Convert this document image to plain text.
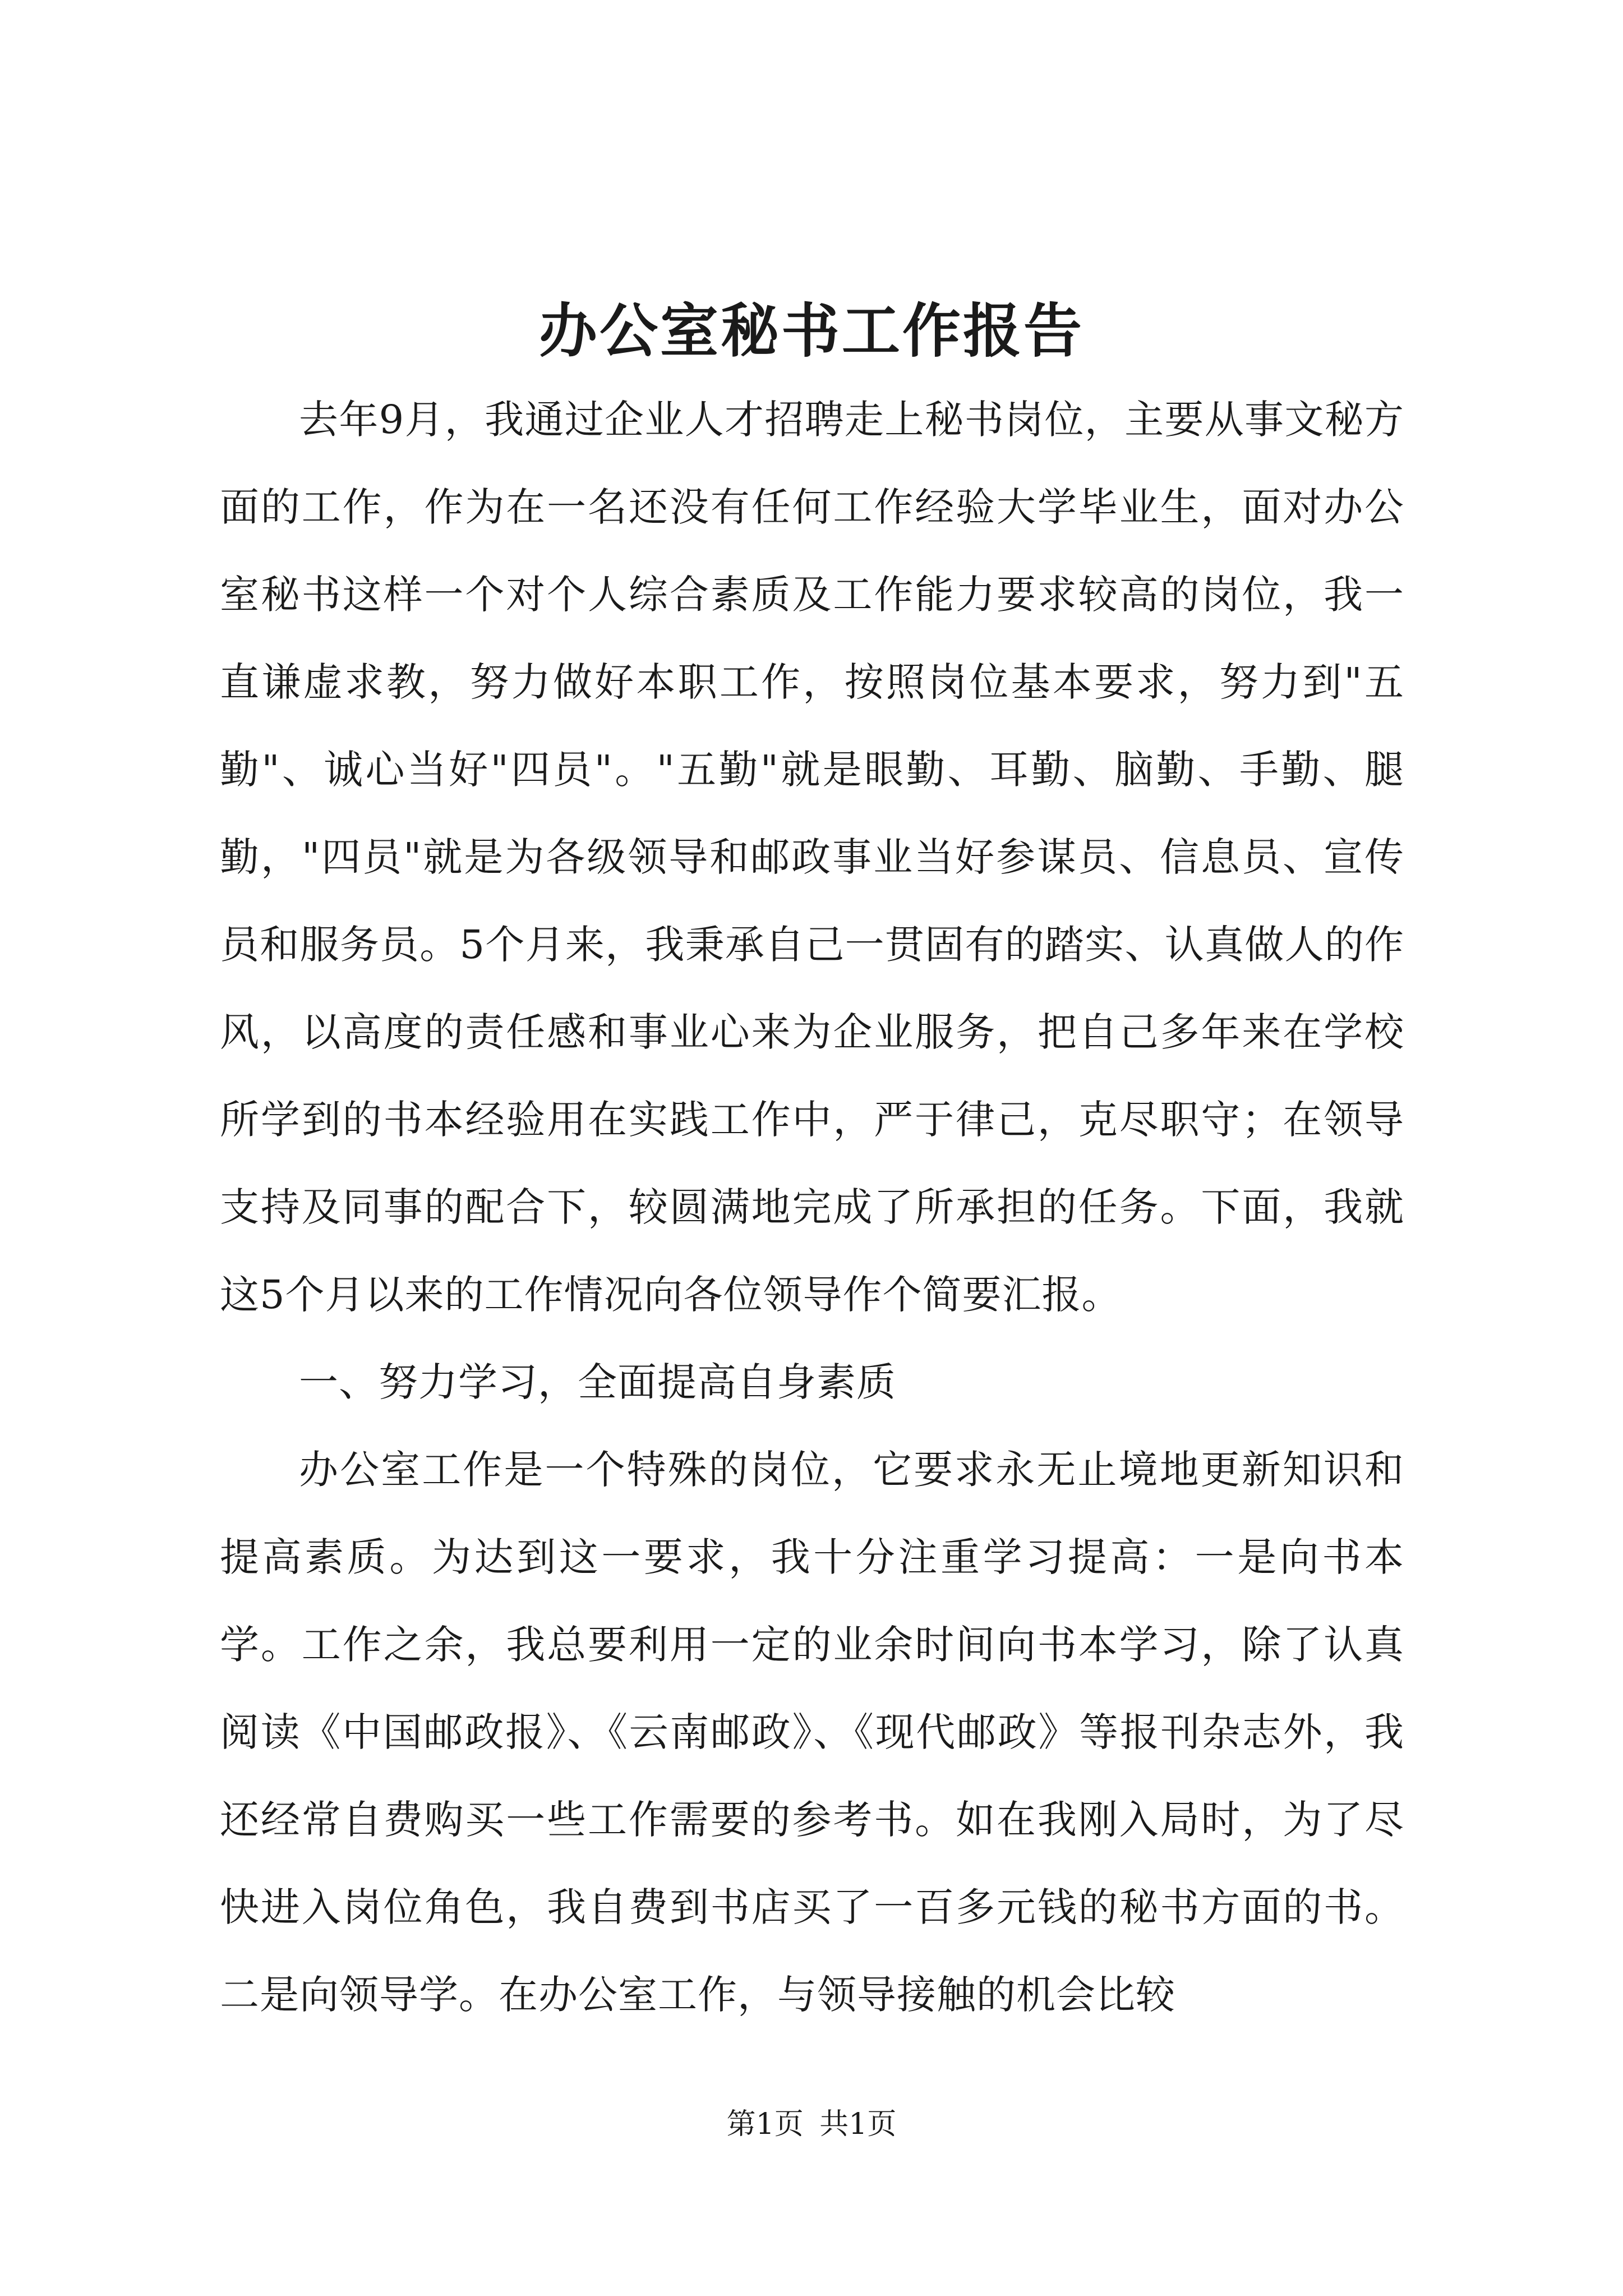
办公室秘书工作报告

去年9月，我通过企业人才招聘走上秘书岗位，主要从事文秘方面的工作，作为在一名还没有任何工作经验大学毕业生，面对办公室秘书这样一个对个人综合素质及工作能力要求较高的岗位，我一直谦虚求教，努力做好本职工作，按照岗位基本要求，努力到"五勤"、诚心当好"四员"。"五勤"就是眼勤、耳勤、脑勤、手勤、腿勤，"四员"就是为各级领导和邮政事业当好参谋员、信息员、宣传员和服务员。5个月来，我秉承自己一贯固有的踏实、认真做人的作风，以高度的责任感和事业心来为企业服务，把自己多年来在学校所学到的书本经验用在实践工作中，严于律己，克尽职守；在领导支持及同事的配合下，较圆满地完成了所承担的任务。下面，我就这5个月以来的工作情况向各位领导作个简要汇报。

一、努力学习，全面提高自身素质

办公室工作是一个特殊的岗位，它要求永无止境地更新知识和提高素质。为达到这一要求，我十分注重学习提高：一是向书本学。工作之余，我总要利用一定的业余时间向书本学习，除了认真阅读《中国邮政报》、《云南邮政》、《现代邮政》等报刊杂志外，我还经常自费购买一些工作需要的参考书。如在我刚入局时，为了尽快进入岗位角色，我自费到书店买了一百多元钱的秘书方面的书。二是向领导学。在办公室工作，与领导接触的机会比较

第1页 共1页
